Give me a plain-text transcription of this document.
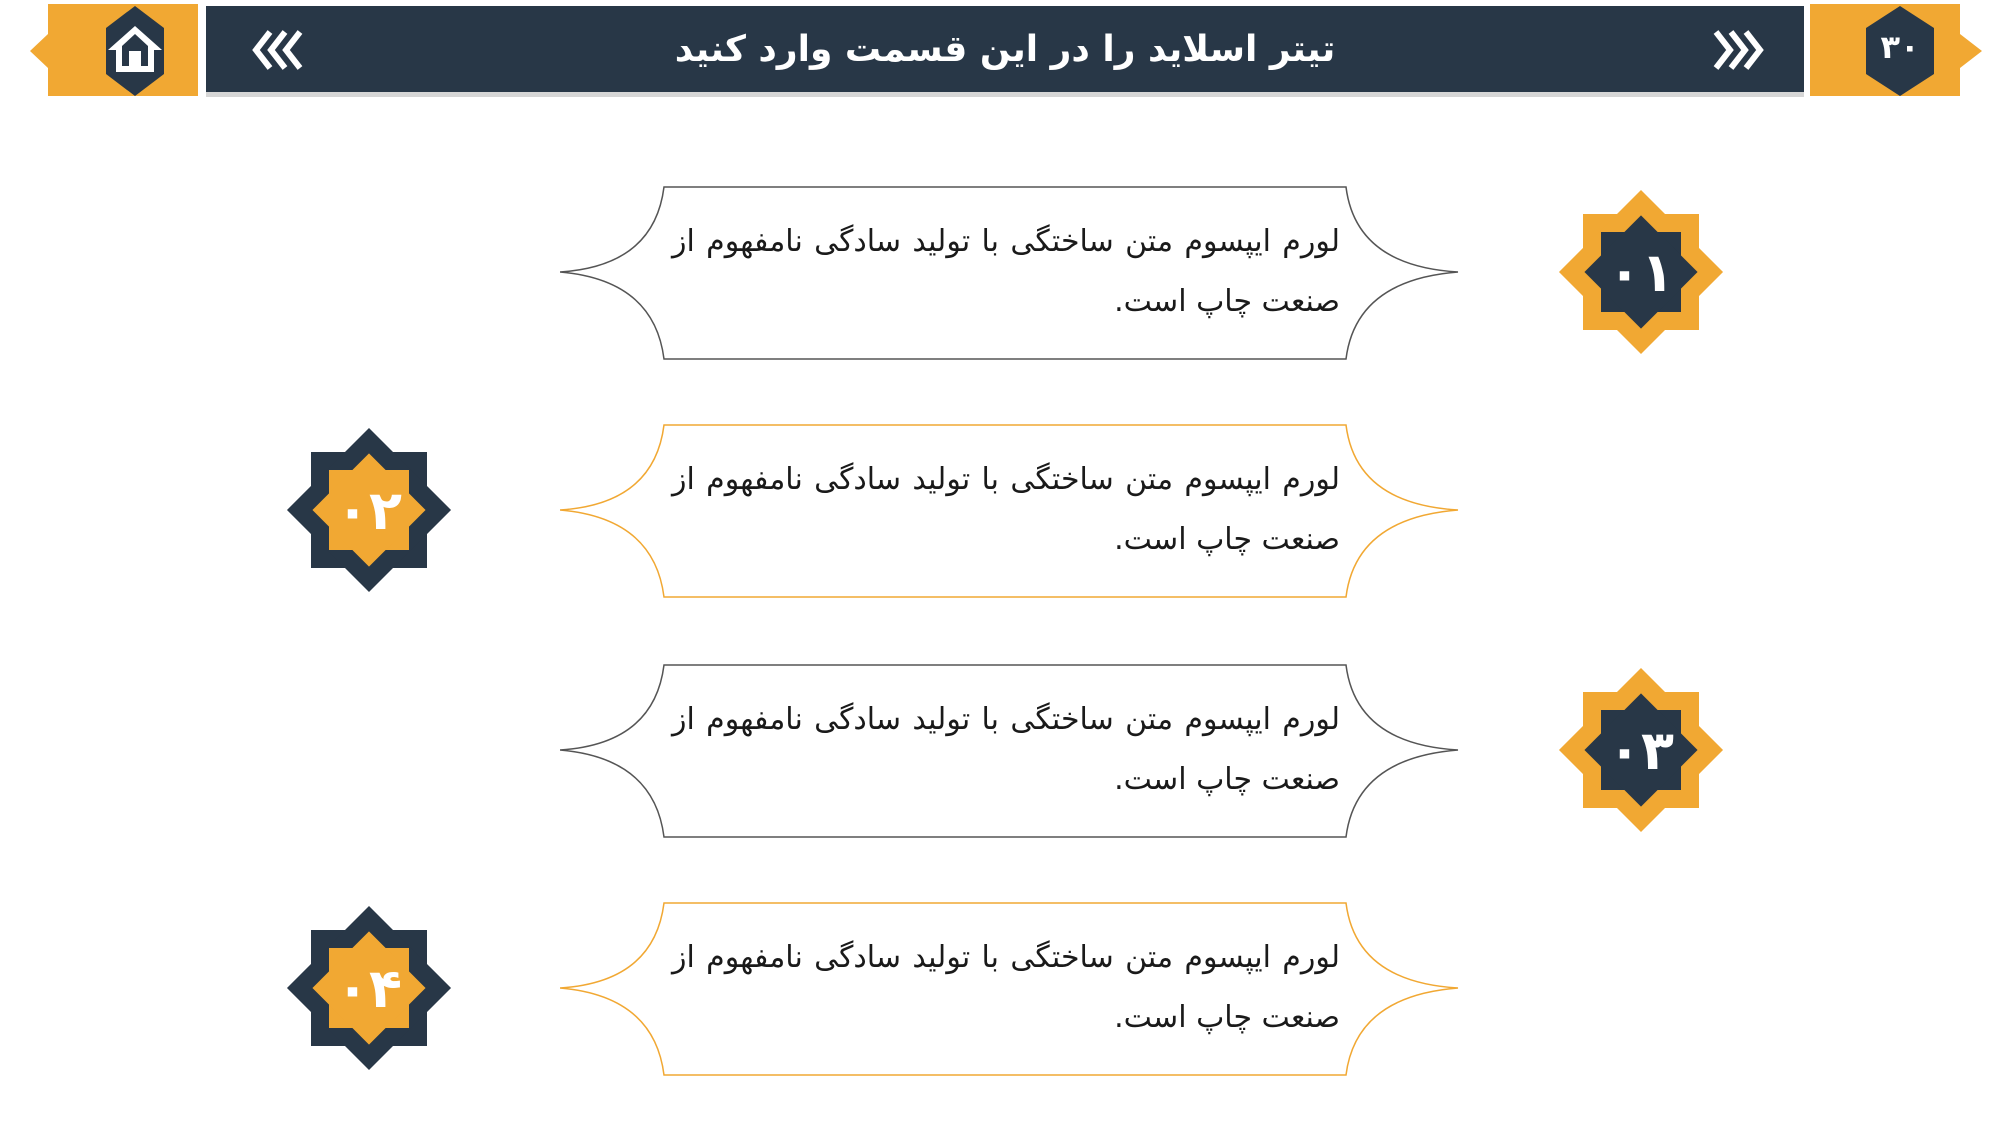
تیتر اسلاید را در این قسمت وارد کنید	۳۰
لورم ایپسوم متن ساختگی با تولید سادگی نامفهوم از صنعت چاپ است.	۰۱
لورم ایپسوم متن ساختگی با تولید سادگی نامفهوم از صنعت چاپ است.
۰۲
لورم ایپسوم متن ساختگی با تولید سادگی نامفهوم از صنعت چاپ است.	۰۳
لورم ایپسوم متن ساختگی با تولید سادگی نامفهوم از صنعت چاپ است.
۰۴
